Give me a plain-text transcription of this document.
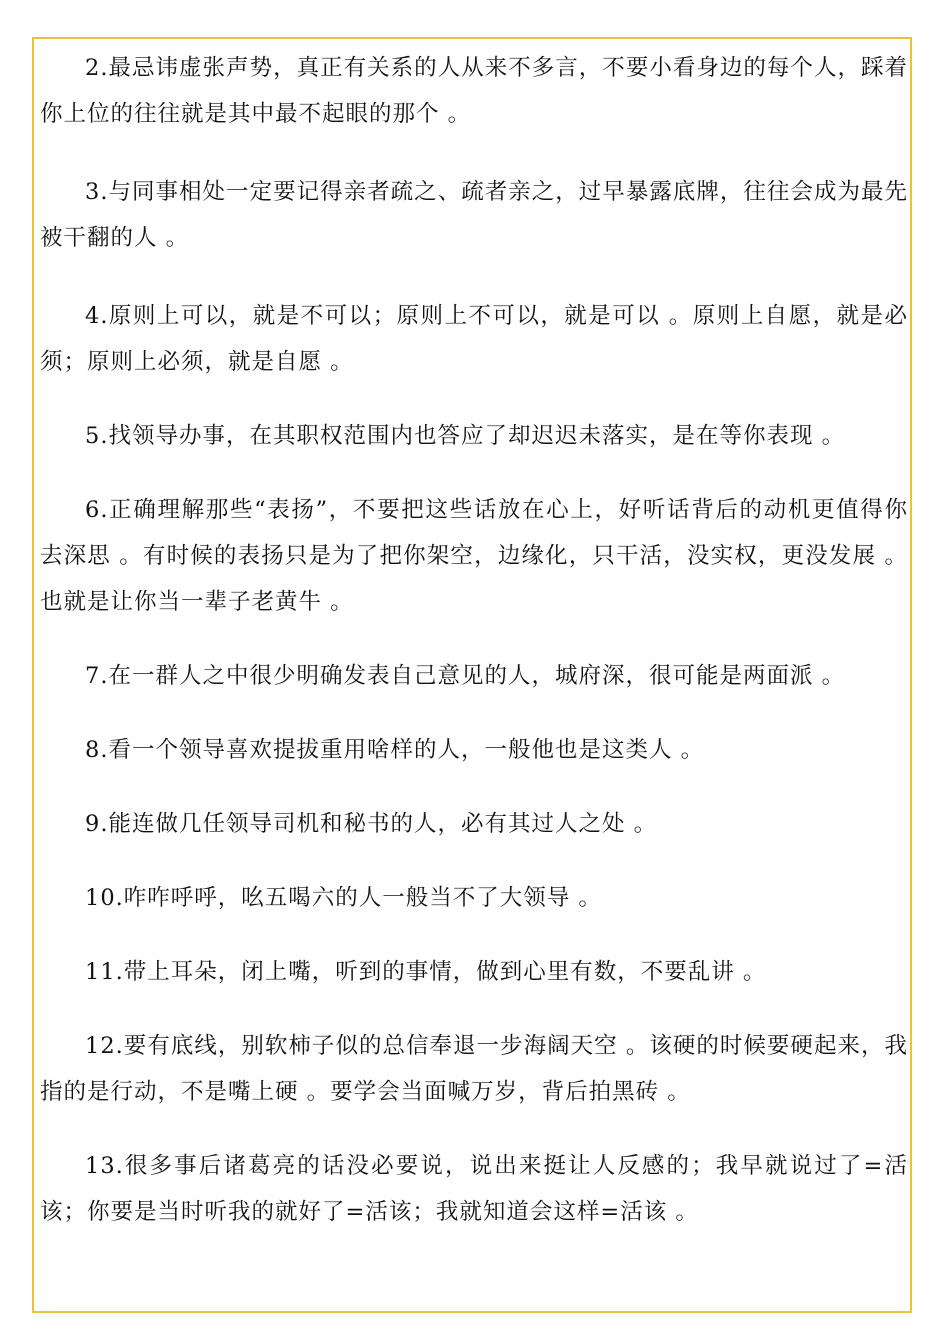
2.最忌讳虚张声势，真正有关系的人从来不多言，不要小看身边的每个人，踩着你上位的往往就是其中最不起眼的那个 。

3.与同事相处一定要记得亲者疏之、疏者亲之，过早暴露底牌，往往会成为最先被干翻的人 。

4.原则上可以，就是不可以；原则上不可以，就是可以 。原则上自愿，就是必须；原则上必须，就是自愿 。

5.找领导办事，在其职权范围内也答应了却迟迟未落实，是在等你表现 。

6.正确理解那些“表扬”，不要把这些话放在心上，好听话背后的动机更值得你去深思 。有时候的表扬只是为了把你架空，边缘化，只干活，没实权，更没发展 。也就是让你当一辈子老黄牛 。

7.在一群人之中很少明确发表自己意见的人，城府深，很可能是两面派 。

8.看一个领导喜欢提拔重用啥样的人，一般他也是这类人 。

9.能连做几任领导司机和秘书的人，必有其过人之处 。

10.咋咋呼呼，吆五喝六的人一般当不了大领导 。

11.带上耳朵，闭上嘴，听到的事情，做到心里有数，不要乱讲 。

12.要有底线，别软柿子似的总信奉退一步海阔天空 。该硬的时候要硬起来，我指的是行动，不是嘴上硬 。要学会当面喊万岁，背后拍黑砖 。

13.很多事后诸葛亮的话没必要说，说出来挺让人反感的；我早就说过了=活该；你要是当时听我的就好了=活该；我就知道会这样=活该 。
